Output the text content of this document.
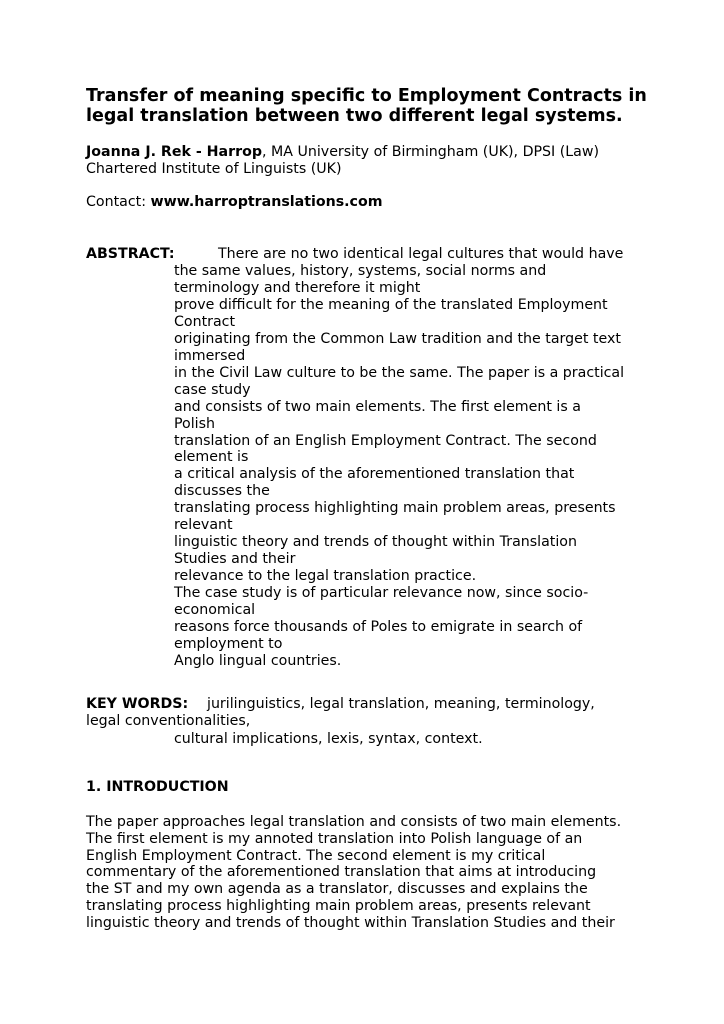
Transfer of meaning specific to Employment Contracts in
legal translation between two different legal systems.
Joanna J. Rek - Harrop, MA University of Birmingham (UK), DPSI (Law)
Chartered Institute of Linguists (UK)
Contact: www.harroptranslations.com
ABSTRACT:	There are no two identical legal cultures that would have
the same values, history, systems, social norms and
terminology and therefore it might
prove difficult for the meaning of the translated Employment
Contract
originating from the Common Law tradition and the target text
immersed
in the Civil Law culture to be the same. The paper is a practical
case study
and consists of two main elements. The first element is a
Polish
translation of an English Employment Contract. The second
element is
a critical analysis of the aforementioned translation that
discusses the
translating process highlighting main problem areas, presents
relevant
linguistic theory and trends of thought within Translation
Studies and their
relevance to the legal translation practice.
The case study is of particular relevance now, since socio-
economical
reasons force thousands of Poles to emigrate in search of
employment to
Anglo lingual countries.
KEY WORDS: jurilinguistics, legal translation, meaning, terminology,
legal conventionalities,
cultural implications, lexis, syntax, context.
1. INTRODUCTION
The paper approaches legal translation and consists of two main elements.
The first element is my annoted translation into Polish language of an
English Employment Contract. The second element is my critical
commentary of the aforementioned translation that aims at introducing
the ST and my own agenda as a translator, discusses and explains the
translating process highlighting main problem areas, presents relevant
linguistic theory and trends of thought within Translation Studies and their
